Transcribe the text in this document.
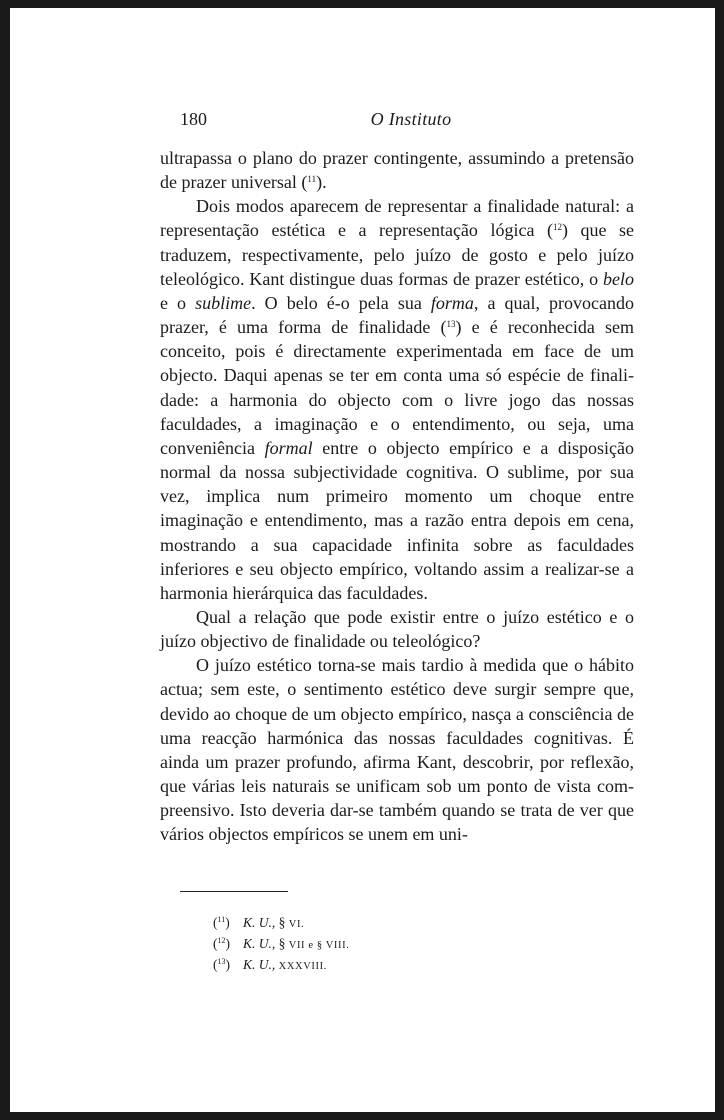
180	O Instituto
($^{11}$) K. U., § VI.
($^{12}$) K. U., § VII e § VIII.
($^{13}$) K. U., XXXVIII.

ultrapassa o plano do prazer contingente, assumindo a pretensão de prazer universal ($^{11}$).

Dois modos aparecem de representar a finalidade natural: a representação estética e a representação lógica ($^{12}$) que se traduzem, respectivamente, pelo juízo de gosto e pelo juízo teleológico. Kant distingue duas formas de prazer estético, o belo e o sublime. O belo é-o pela sua forma, a qual, provocando prazer, é uma forma de finalidade ($^{13}$) e é reconhecida sem conceito, pois é directamente experimentada em face de um objecto. Daqui apenas se ter em conta uma só espécie de finalidade: a harmonia do objecto com o livre jogo das nossas faculdades, a imaginação e o entendimento, ou seja, uma conveniência formal entre o objecto empírico e a disposição normal da nossa subjectividade cognitiva. O sublime, por sua vez, implica num primeiro momento um choque entre imaginação e entendimento, mas a razão entra depois em cena, mostrando a sua capacidade infinita sobre as faculdades inferiores e seu objecto empírico, voltando assim a realizar-se a harmonia hierárquica das faculdades.

Qual a relação que pode existir entre o juízo estético e o juízo objectivo de finalidade ou teleológico?

O juízo estético torna-se mais tardio à medida que o hábito actua; sem este, o sentimento estético deve surgir sempre que, devido ao choque de um objecto empírico, nasça a consciência de uma reacção harmónica das nossas faculdades cognitivas. É ainda um prazer profundo, afirma Kant, descobrir, por reflexão, que várias leis naturais se unificam sob um ponto de vista compreensivo. Isto deveria dar-se também quando se trata de ver que vários objectos empíricos se unem em uni-
